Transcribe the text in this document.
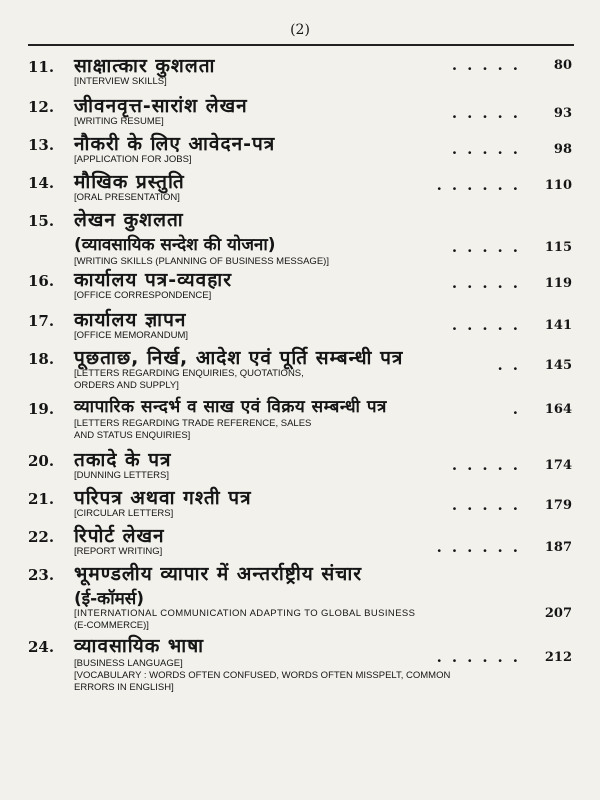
(2)
11. साक्षात्कार कुशलता	..... 80
[INTERVIEW SKILLS]
12. जीवनवृत्त-सारांश लेखन	..... 93
[WRITING RESUME]
13. नौकरी के लिए आवेदन-पत्र	..... 98
[APPLICATION FOR JOBS]
14. मौखिक प्रस्तुति	...... 110
[ORAL PRESENTATION]
15. लेखन कुशलता
(व्यावसायिक सन्देश की योजना)	..... 115
[WRITING SKILLS (PLANNING OF BUSINESS MESSAGE)]
16. कार्यालय पत्र-व्यवहार	..... 119
[OFFICE CORRESPONDENCE]
17. कार्यालय ज्ञापन	..... 141
[OFFICE MEMORANDUM]
18. पूछताछ, निर्ख, आदेश एवं पूर्ति सम्बन्धी पत्र	.. 145
[LETTERS REGARDING ENQUIRIES, QUOTATIONS,
ORDERS AND SUPPLY]
19. व्यापारिक सन्दर्भ व साख एवं विक्रय सम्बन्धी पत्र	. 164
[LETTERS REGARDING TRADE REFERENCE, SALES
AND STATUS ENQUIRIES]
20. तकादे के पत्र	..... 174
[DUNNING LETTERS]
21. परिपत्र अथवा गश्ती पत्र	..... 179
[CIRCULAR LETTERS]
22. रिपोर्ट लेखन	...... 187
[REPORT WRITING]
23. भूमण्डलीय व्यापार में अन्तर्राष्ट्रीय संचार
(ई-कॉमर्स)
[INTERNATIONAL COMMUNICATION ADAPTING TO GLOBAL BUSINESS	207
(E-COMMERCE)]
24. व्यावसायिक भाषा	...... 212
[BUSINESS LANGUAGE]
[VOCABULARY : WORDS OFTEN CONFUSED, WORDS OFTEN MISSPELT, COMMON
ERRORS IN ENGLISH]
